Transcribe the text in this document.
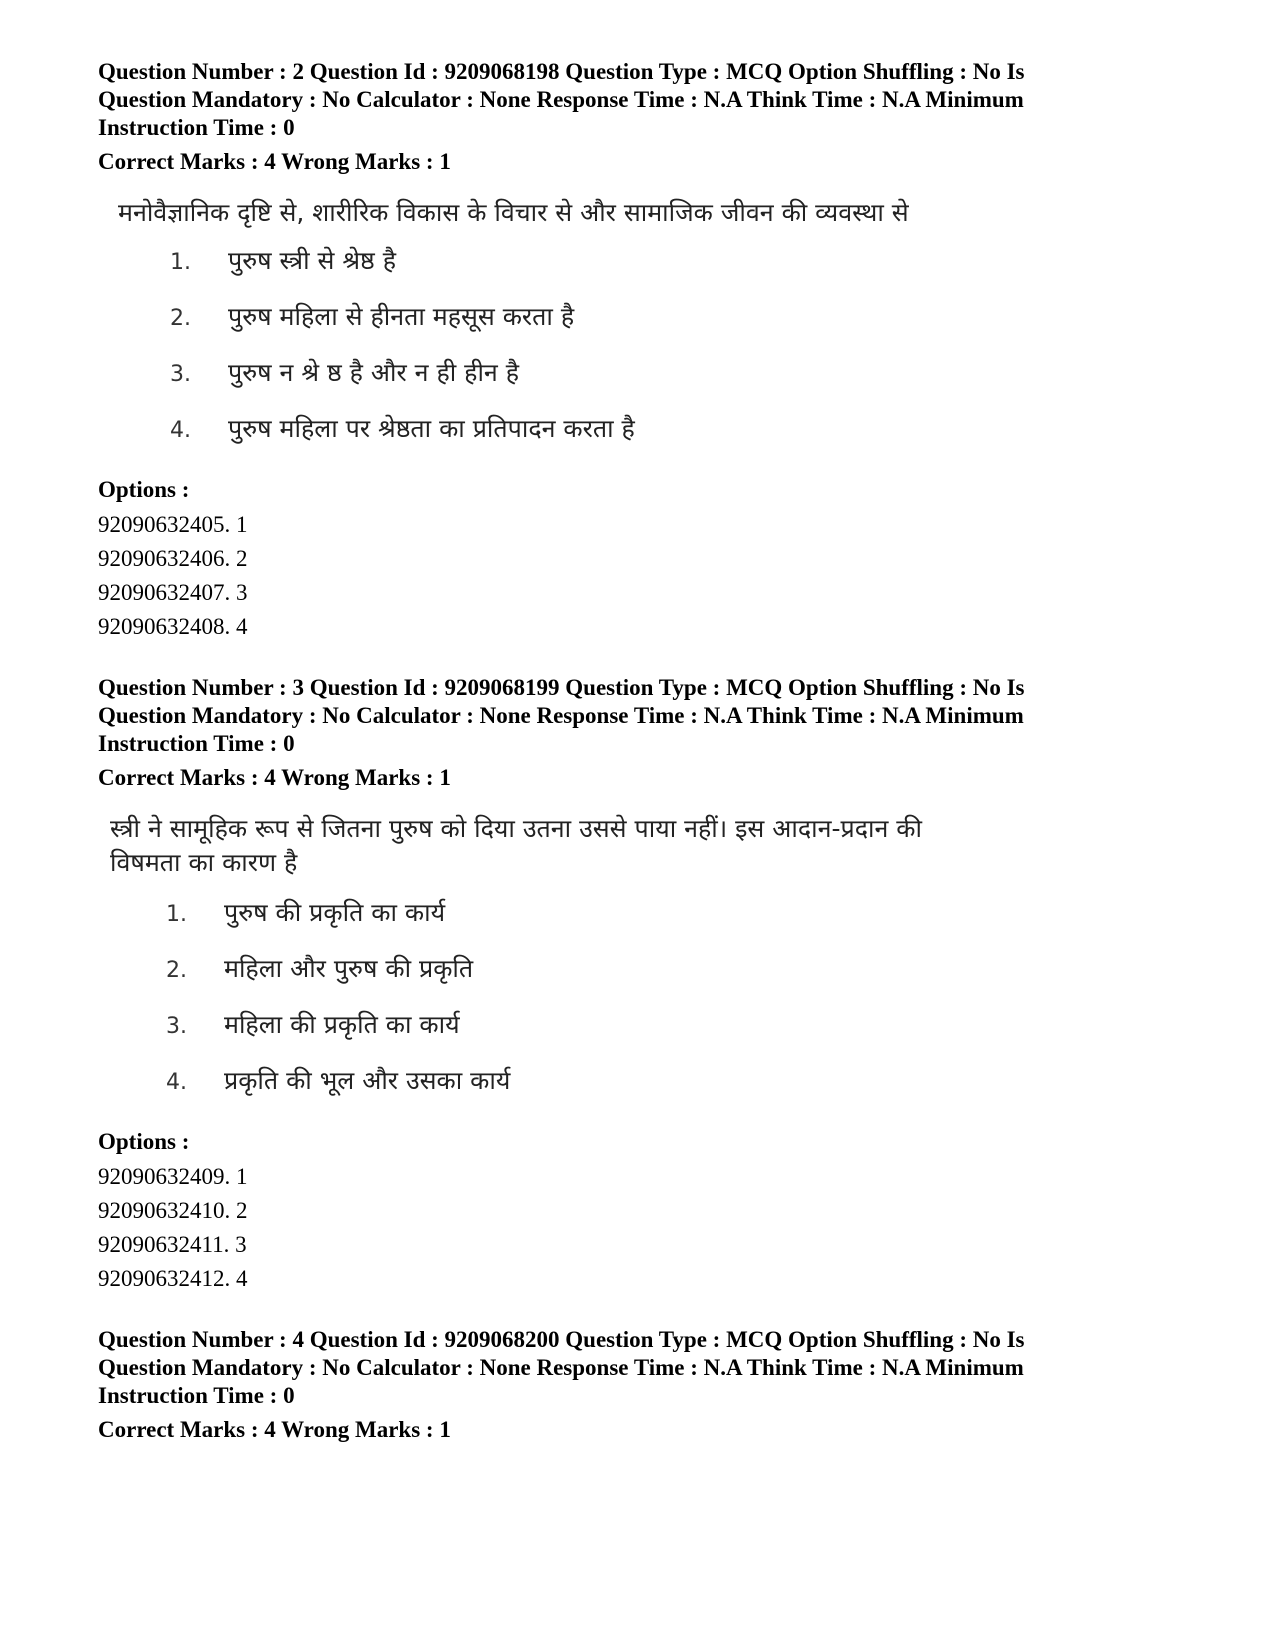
Question Number : 2 Question Id : 9209068198 Question Type : MCQ Option Shuffling : No Is
Question Mandatory : No Calculator : None Response Time : N.A Think Time : N.A Minimum
Instruction Time : 0
Correct Marks : 4 Wrong Marks : 1
मनोवैज्ञानिक दृष्टि से, शारीरिक विकास के विचार से और सामाजिक जीवन की व्यवस्था से
1.	पुरुष स्त्री से श्रेष्ठ है
2.	पुरुष महिला से हीनता महसूस करता है
3.	पुरुष न श्रे ष्ठ है और न ही हीन है
4.	पुरुष महिला पर श्रेष्ठता का प्रतिपादन करता है
Options :
92090632405. 1
92090632406. 2
92090632407. 3
92090632408. 4
Question Number : 3 Question Id : 9209068199 Question Type : MCQ Option Shuffling : No Is
Question Mandatory : No Calculator : None Response Time : N.A Think Time : N.A Minimum
Instruction Time : 0
Correct Marks : 4 Wrong Marks : 1
स्त्री ने सामूहिक रूप से जितना पुरुष को दिया उतना उससे पाया नहीं। इस आदान-प्रदान की
विषमता का कारण है
1.	पुरुष की प्रकृति का कार्य
2.	महिला और पुरुष की प्रकृति
3.	महिला की प्रकृति का कार्य
4.	प्रकृति की भूल और उसका कार्य
Options :
92090632409. 1
92090632410. 2
92090632411. 3
92090632412. 4
Question Number : 4 Question Id : 9209068200 Question Type : MCQ Option Shuffling : No Is
Question Mandatory : No Calculator : None Response Time : N.A Think Time : N.A Minimum
Instruction Time : 0
Correct Marks : 4 Wrong Marks : 1
